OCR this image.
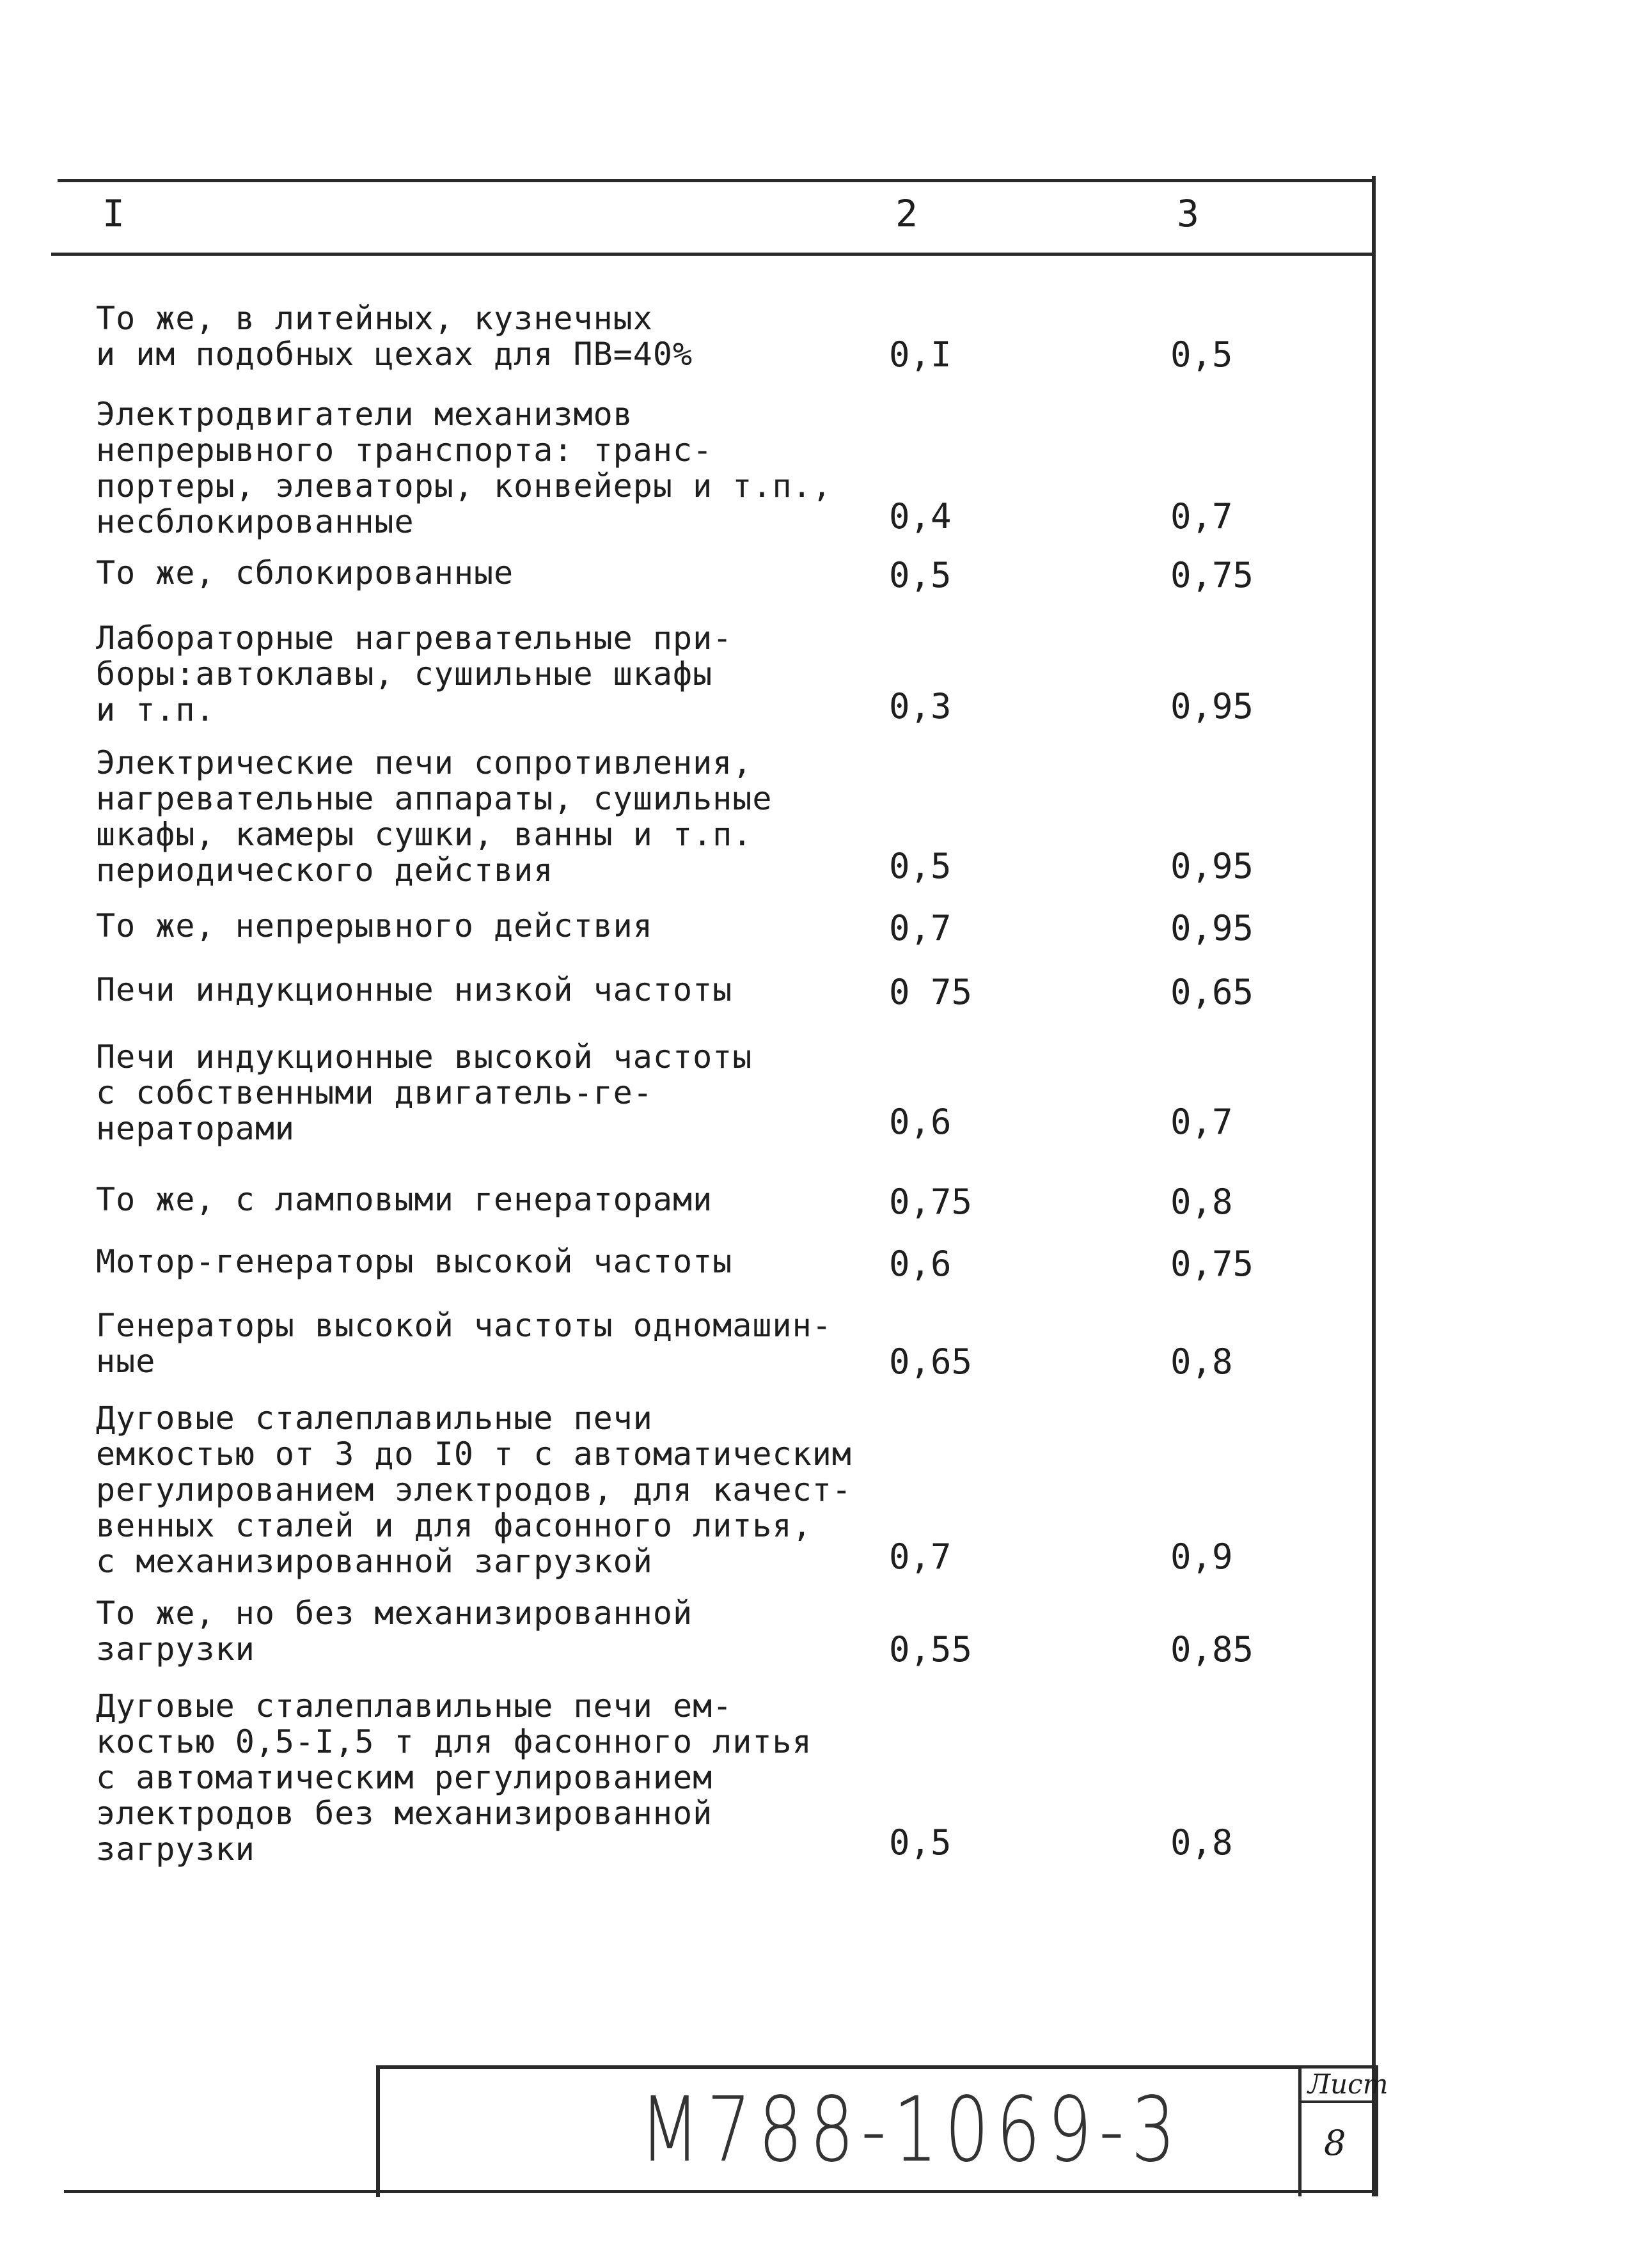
I	2	3
То же, в литейных, кузнечных
и им подобных цехах для ПВ=40%	0,I	0,5
Электродвигатели механизмов
непрерывного транспорта: транс-
портеры, элеваторы, конвейеры и т.п.,
несблокированные	0,4	0,7
То же, сблокированные	0,5	0,75
Лабораторные нагревательные при-
боры:автоклавы, сушильные шкафы
и т.п.	0,3	0,95
Электрические печи сопротивления,
нагревательные аппараты, сушильные
шкафы, камеры сушки, ванны и т.п.
периодического действия	0,5	0,95
То же, непрерывного действия	0,7	0,95
Печи индукционные низкой частоты	0 75	0,65
Печи индукционные высокой частоты
с собственными двигатель-ге-
нераторами	0,6	0,7
То же, с ламповыми генераторами	0,75	0,8
Мотор-генераторы высокой частоты	0,6	0,75
Генераторы высокой частоты одномашин-
ные	0,65	0,8
Дуговые сталеплавильные печи
емкостью от 3 до I0 т с автоматическим
регулированием электродов, для качест-
венных сталей и для фасонного литья,
с механизированной загрузкой	0,7	0,9
То же, но без механизированной
загрузки	0,55	0,85
Дуговые сталеплавильные печи ем-
костью 0,5-I,5 т для фасонного литья
с автоматическим регулированием
электродов без механизированной
загрузки	0,5	0,8
М788-1069-3	Лист
8
